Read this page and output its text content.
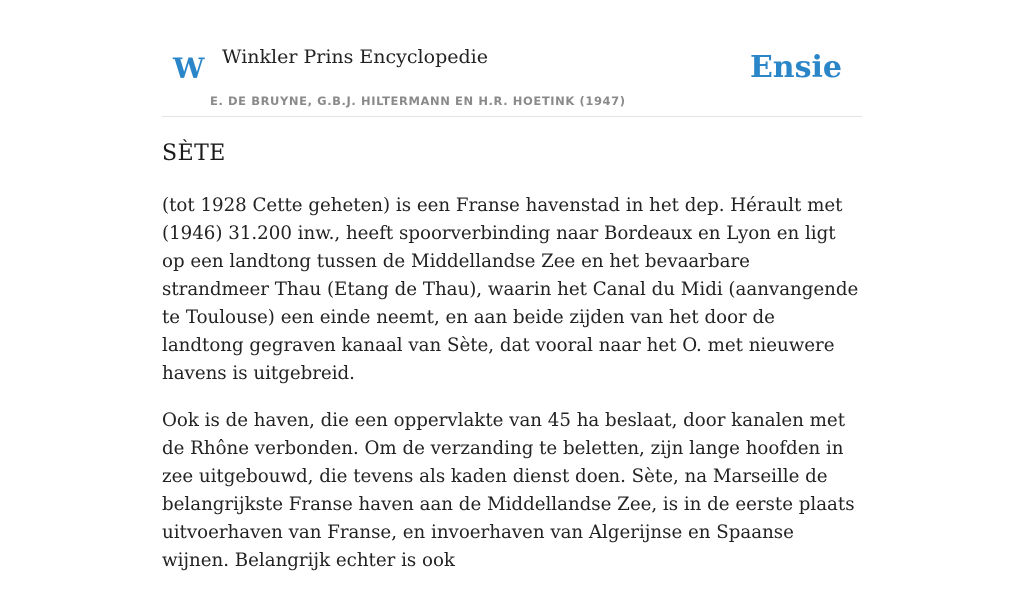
W Winkler Prins Encyclopedie
E. DE BRUYNE, G.B.J. HILTERMANN EN H.R. HOETINK (1947)
Ensie
SÈTE

(tot 1928 Cette geheten) is een Franse havenstad in het dep. Hérault met (1946) 31.200 inw., heeft spoorverbinding naar Bordeaux en Lyon en ligt op een landtong tussen de Middellandse Zee en het bevaarbare strandmeer Thau (Etang de Thau), waarin het Canal du Midi (aanvangende te Toulouse) een einde neemt, en aan beide zijden van het door de landtong gegraven kanaal van Sète, dat vooral naar het O. met nieuwere havens is uitgebreid.

Ook is de haven, die een oppervlakte van 45 ha beslaat, door kanalen met de Rhône verbonden. Om de verzanding te beletten, zijn lange hoofden in zee uitgebouwd, die tevens als kaden dienst doen. Sète, na Marseille de belangrijkste Franse haven aan de Middellandse Zee, is in de eerste plaats uitvoerhaven van Franse, en invoerhaven van Algerijnse en Spaanse wijnen. Belangrijk echter is ook
